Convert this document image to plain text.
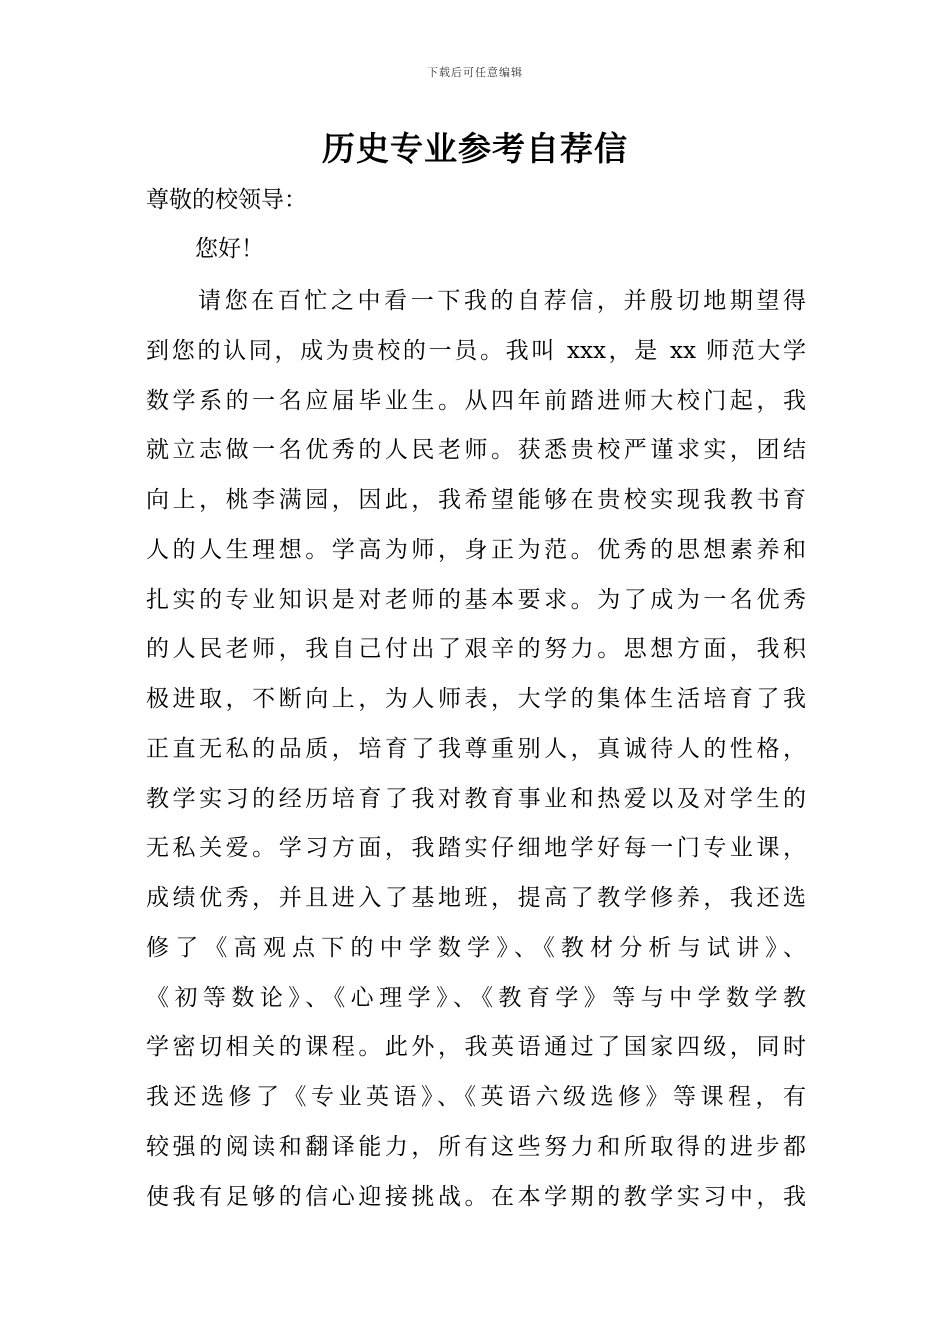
下载后可任意编辑
历史专业参考自荐信
尊敬的校领导：
您好！
请您在百忙之中看一下我的自荐信，并殷切地期望得
到您的认同，成为贵校的一员。我叫 xxx，是 xx 师范大学
数学系的一名应届毕业生。从四年前踏进师大校门起，我
就立志做一名优秀的人民老师。获悉贵校严谨求实，团结
向上，桃李满园，因此，我希望能够在贵校实现我教书育
人的人生理想。学高为师，身正为范。优秀的思想素养和
扎实的专业知识是对老师的基本要求。为了成为一名优秀
的人民老师，我自己付出了艰辛的努力。思想方面，我积
极进取，不断向上，为人师表，大学的集体生活培育了我
正直无私的品质，培育了我尊重别人，真诚待人的性格，
教学实习的经历培育了我对教育事业和热爱以及对学生的
无私关爱。学习方面，我踏实仔细地学好每一门专业课，
成绩优秀，并且进入了基地班，提高了教学修养，我还选
修了《高观点下的中学数学》、《教材分析与试讲》、
《初等数论》、《心理学》、《教育学》等与中学数学教
学密切相关的课程。此外，我英语通过了国家四级，同时
我还选修了《专业英语》、《英语六级选修》等课程，有
较强的阅读和翻译能力，所有这些努力和所取得的进步都
使我有足够的信心迎接挑战。在本学期的教学实习中，我
